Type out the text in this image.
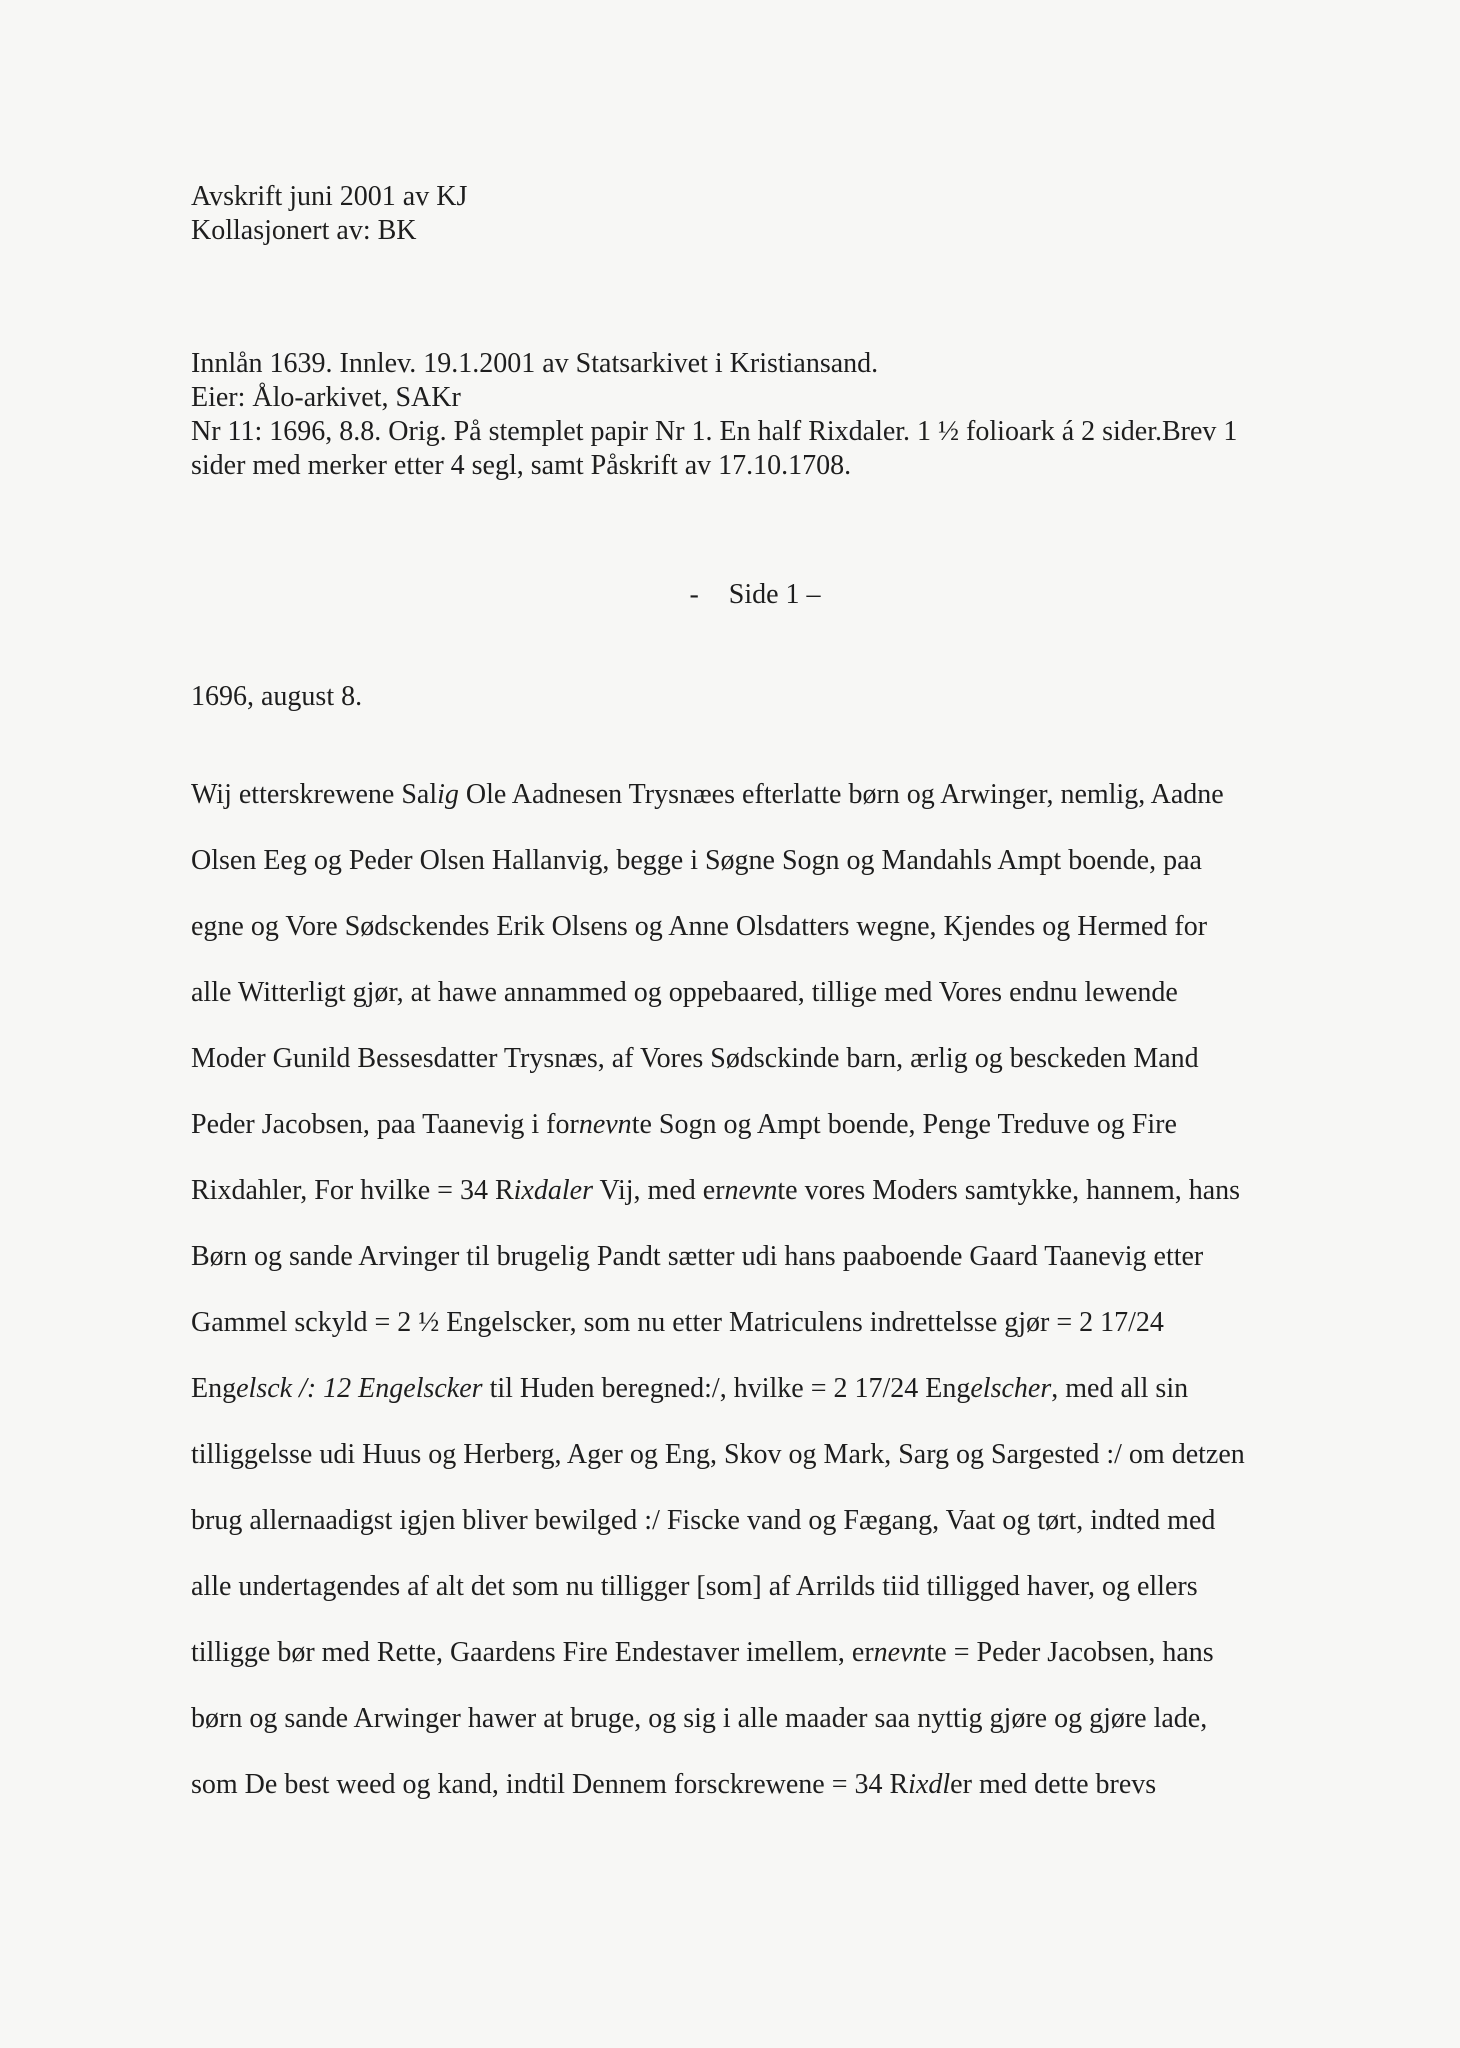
Avskrift juni 2001 av KJ
Kollasjonert av: BK
Innlån 1639. Innlev. 19.1.2001 av Statsarkivet i Kristiansand.
Eier: Ålo-arkivet, SAKr
Nr 11: 1696, 8.8. Orig. På stemplet papir Nr 1. En half Rixdaler. 1 ½ folioark á 2 sider.Brev 1
sider med merker etter 4 segl, samt Påskrift av 17.10.1708.
- Side 1 –
1696, august 8.
Wij etterskrewene Salig Ole Aadnesen Trysnæes efterlatte børn og Arwinger, nemlig, Aadne
Olsen Eeg og Peder Olsen Hallanvig, begge i Søgne Sogn og Mandahls Ampt boende, paa
egne og Vore Sødsckendes Erik Olsens og Anne Olsdatters wegne, Kjendes og Hermed for
alle Witterligt gjør, at hawe annammed og oppebaared, tillige med Vores endnu lewende
Moder Gunild Bessesdatter Trysnæs, af Vores Sødsckinde barn, ærlig og besckeden Mand
Peder Jacobsen, paa Taanevig i fornevnte Sogn og Ampt boende, Penge Treduve og Fire
Rixdahler, For hvilke = 34 Rixdaler Vij, med ernevnte vores Moders samtykke, hannem, hans
Børn og sande Arvinger til brugelig Pandt sætter udi hans paaboende Gaard Taanevig etter
Gammel sckyld = 2 ½ Engelscker, som nu etter Matriculens indrettelsse gjør = 2 17/24
Engelsck /: 12 Engelscker til Huden beregned:/, hvilke = 2 17/24 Engelscher, med all sin
tilliggelsse udi Huus og Herberg, Ager og Eng, Skov og Mark, Sarg og Sargested :/ om detzen
brug allernaadigst igjen bliver bewilged :/ Fiscke vand og Fægang, Vaat og tørt, indted med
alle undertagendes af alt det som nu tilligger [som] af Arrilds tiid tilligged haver, og ellers
tilligge bør med Rette, Gaardens Fire Endestaver imellem, ernevnte = Peder Jacobsen, hans
børn og sande Arwinger hawer at bruge, og sig i alle maader saa nyttig gjøre og gjøre lade,
som De best weed og kand, indtil Dennem forsckrewene = 34 Rixdler med dette brevs
